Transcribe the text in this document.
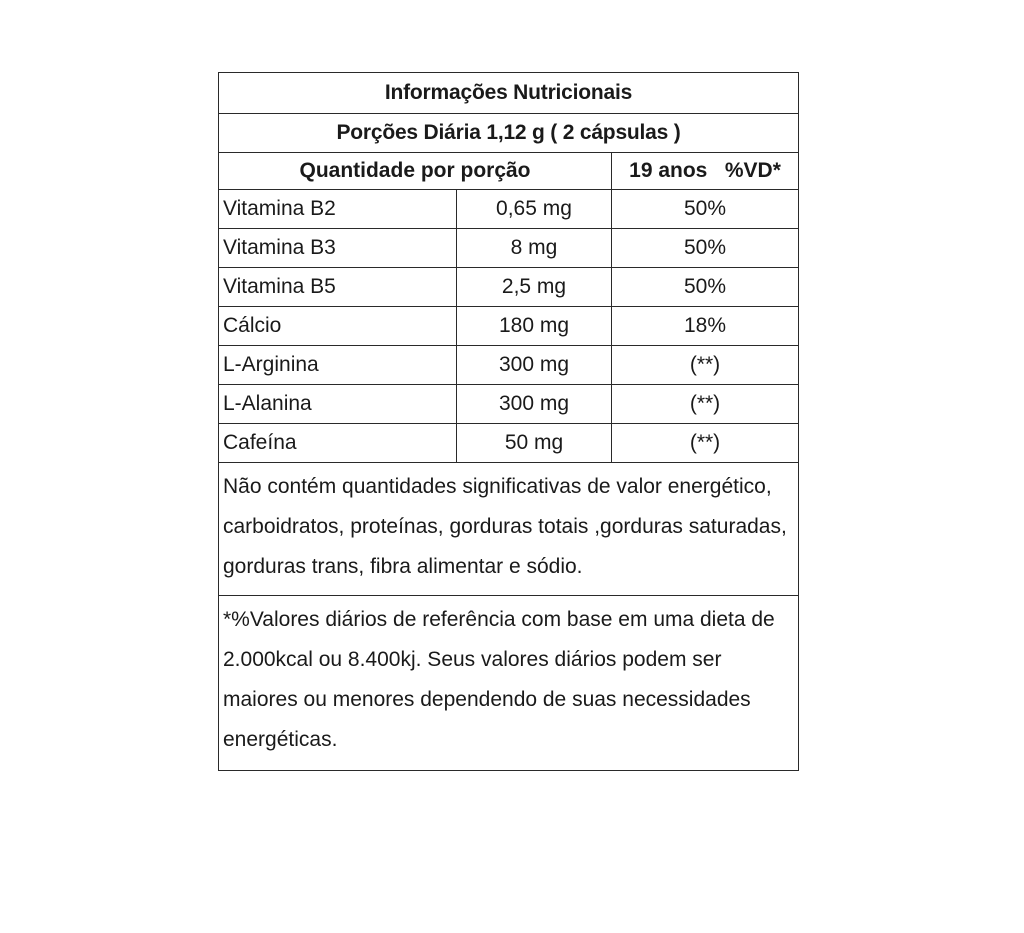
Informações Nutricionais		
Porções Diária 1,12 g ( 2 cápsulas )		
Quantidade por porção		19 anos   %VD*
Vitamina B2	0,65 mg	50%
Vitamina B3	8 mg	50%
Vitamina B5	2,5 mg	50%
Cálcio	180 mg	18%
L-Arginina	300 mg	(**)
L-Alanina	300 mg	(**)
Cafeína	50 mg	(**)
Não contém quantidades significativas de valor energético, carboidratos, proteínas, gorduras totais ,gorduras saturadas, gorduras trans, fibra alimentar e sódio.		
*%Valores diários de referência com base em uma dieta de 2.000kcal ou 8.400kj. Seus valores diários podem ser maiores ou menores dependendo de suas necessidades energéticas.		
